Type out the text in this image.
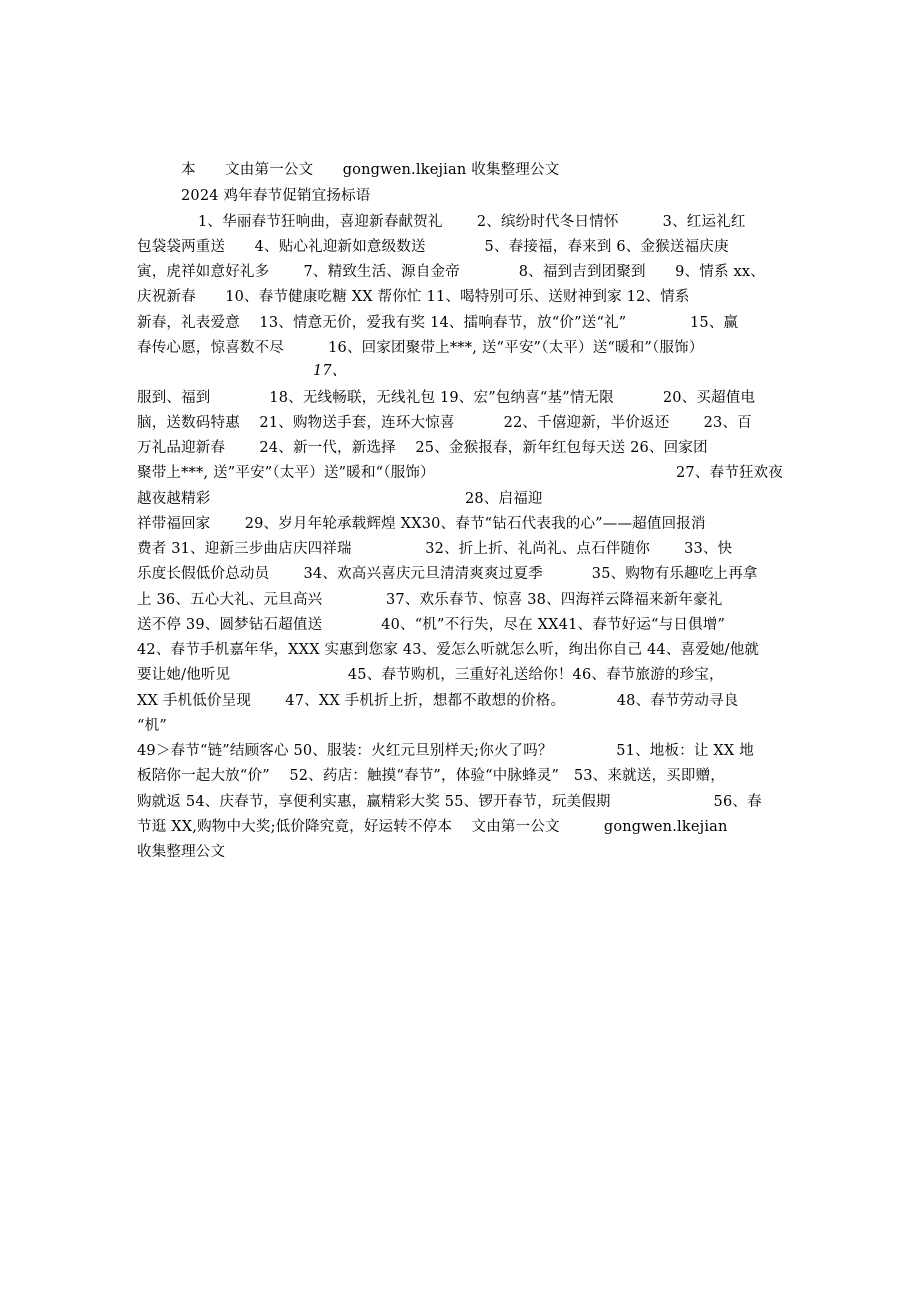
本　　文由第一公文　　gongwen.lkejian 收集整理公文
2024 鸡年春节促销宜扬标语
1、华丽春节狂响曲，喜迎新春献贺礼　　 2、缤纷时代冬日情怀　　　3、红运礼红
包袋袋两重送　　4、贴心礼迎新如意级数送　　　　5、春接福，春来到 6、金猴送福庆庚
寅，虎祥如意好礼多　　 7、精致生活、源自金帝　　　　8、福到吉到团聚到　　9、情系 xx、
庆祝新春　　10、春节健康吃糖 XX 帮你忙 11、喝特别可乐、送财神到家 12、情系
新春，礼表爱意　 13、情意无价，爱我有奖 14、擂响春节，放“价”送“礼”　　　　 15、赢
春传心愿，惊喜数不尽　　　16、回家团聚带上***, 送“平安”（太平）送“暖和”（服饰）
17、
服到、福到　　　　18、无线畅联，无线礼包 19、宏”包纳喜“基”情无限　　　 20、买超值电
脑，送数码特惠　 21、购物送手套，连环大惊喜　　　 22、千僖迎新，半价返还　　 23、百
万礼品迎新春　　 24、新一代，新选择　 25、金猴报春，新年红包每天送 26、回家团
聚带上***, 送”平安”（太平）送”暖和“（服饰）	27、春节狂欢夜
越夜越精彩	28、启福迎
祥带福回家　　 29、岁月年轮承载辉煌 XX30、春节“钻石代表我的心”——超值回报消
费者 31、迎新三步曲店庆四祥瑞　　　　　32、折上折、礼尚礼、点石伴随你　　 33、快
乐度长假低价总动员　　 34、欢高兴喜庆元旦清清爽爽过夏季　　　 35、购物有乐趣吃上再拿
上 36、五心大礼、元旦高兴　　　　 37、欢乐春节、惊喜 38、四海祥云降福来新年豪礼
送不停 39、圆梦钻石超值送　　　　40、“机”不行失，尽在 XX41、春节好运“与日俱增”
42、春节手机嘉年华，XXX 实惠到您家 43、爱怎么听就怎么听，绚出你自己 44、喜爱她/他就
要让她/他听见　　　　　　　　45、春节购机，三重好礼送给你！46、春节旅游的珍宝，
XX 手机低价呈现　　 47、XX 手机折上折，想都不敢想的价格。　　　　48、春节劳动寻良
“机”
49＞春节“链”结顾客心 50、服装：火红元旦别样天;你火了吗？　　　　 51、地板：让 XX 地
板陪你一起大放“价”　 52、药店：触摸“春节”，体验“中脉蜂灵”　53、来就送，买即赠，
购就返 54、庆春节，享便利实惠，赢精彩大奖 55、锣开春节，玩美假期　　　　　　　56、春
节逛 XX,购物中大奖;低价降究竟，好运转不停本　 文由第一公文　　　gongwen.lkejian
收集整理公文
